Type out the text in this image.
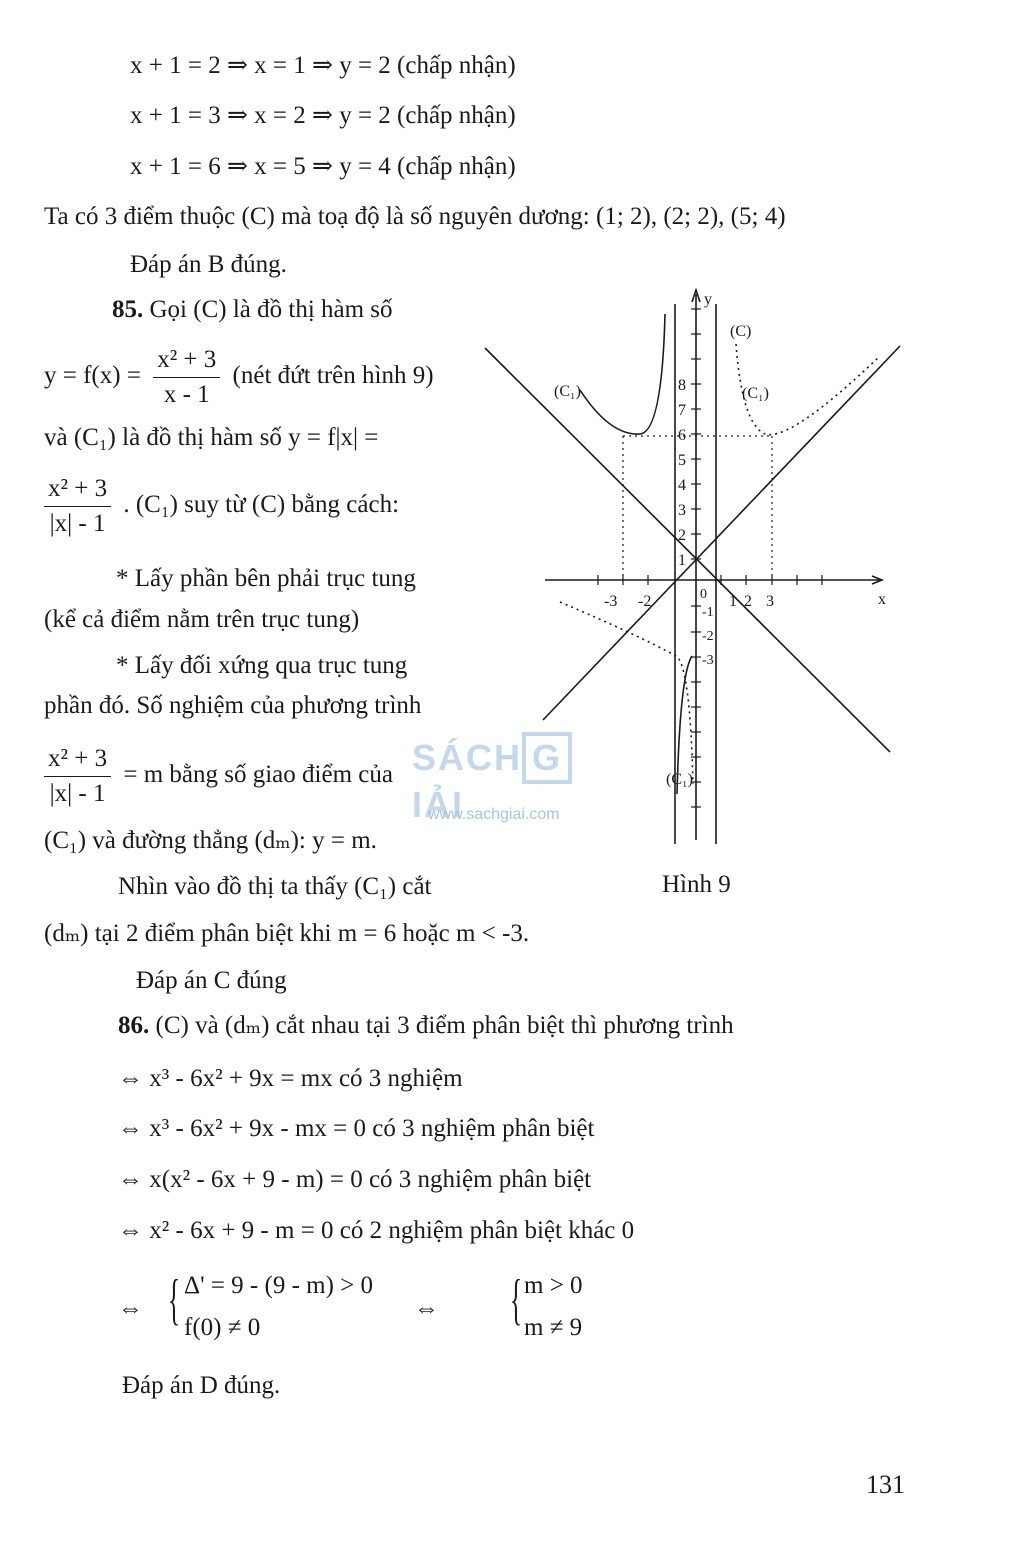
x + 1 = 2 ⇒ x = 1 ⇒ y = 2 (chấp nhận)
x + 1 = 3 ⇒ x = 2 ⇒ y = 2 (chấp nhận)
x + 1 = 6 ⇒ x = 5 ⇒ y = 4 (chấp nhận)
Ta có 3 điểm thuộc (C) mà toạ độ là số nguyên dương: (1; 2), (2; 2), (5; 4)
Đáp án B đúng.
85. Gọi (C) là đồ thị hàm số
$y = f(x) = \frac{\text{x² + 3}}{x - 1}$ (nét đứt trên hình 9)
và (C₁) là đồ thị hàm số y = f|x| =
$\frac{\text{x² + 3}}{|x| - 1}$ . (C₁) suy từ (C) bằng cách:
* Lấy phần bên phải trục tung
(kể cả điểm nằm trên trục tung)
* Lấy đối xứng qua trục tung
phần đó. Số nghiệm của phương trình
$\frac{\text{x² + 3}}{|x| - 1} = m$ bằng số giao điểm của
(C₁) và đường thẳng (dₘ): y = m.
Nhìn vào đồ thị ta thấy (C₁) cắt	Hình 9
(dₘ) tại 2 điểm phân biệt khi m = 6 hoặc m < -3.
Đáp án C đúng
y
x
(C)
(C₁)	(C₁)
(C₁)
8
7
6
5
4
3
2
1
0
-1
-2
-3
-3 -2	1 2 3
SÁCH GIẢI
www.sachgiai.com
86. (C) và (dₘ) cắt nhau tại 3 điểm phân biệt thì phương trình
⇔ x³ - 6x² + 9x = mx có 3 nghiệm
⇔ x³ - 6x² + 9x - mx = 0 có 3 nghiệm phân biệt
⇔ x(x² - 6x + 9 - m) = 0 có 3 nghiệm phân biệt
⇔ x² - 6x + 9 - m = 0 có 2 nghiệm phân biệt khác 0
⇔ { Δ' = 9 - (9 - m) > 0
f(0) ≠ 0
⇔ { m > 0
m ≠ 9
Đáp án D đúng.
131
